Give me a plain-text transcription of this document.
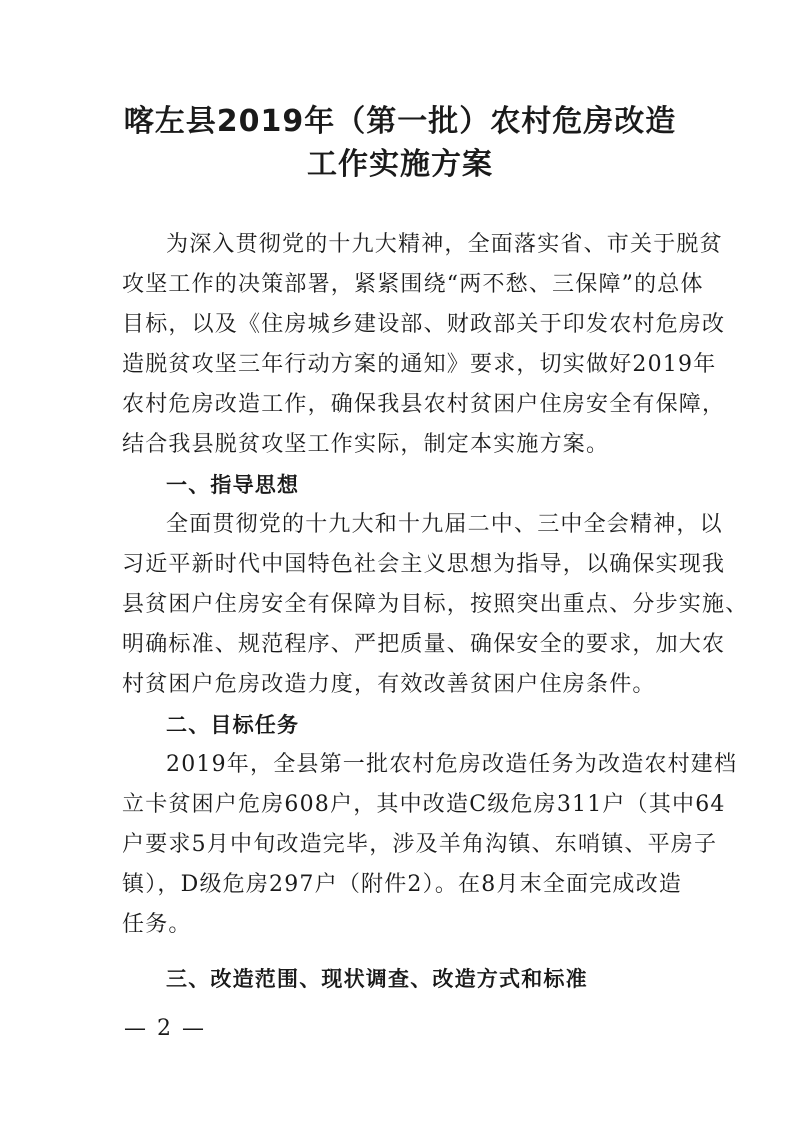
喀左县2019年（第一批）农村危房改造
工作实施方案
为深入贯彻党的十九大精神，全面落实省、市关于脱贫
攻坚工作的决策部署，紧紧围绕“两不愁、三保障”的总体
目标，以及《住房城乡建设部、财政部关于印发农村危房改
造脱贫攻坚三年行动方案的通知》要求，切实做好2019年
农村危房改造工作，确保我县农村贫困户住房安全有保障，
结合我县脱贫攻坚工作实际，制定本实施方案。
一、指导思想
全面贯彻党的十九大和十九届二中、三中全会精神，以
习近平新时代中国特色社会主义思想为指导，以确保实现我
县贫困户住房安全有保障为目标，按照突出重点、分步实施、
明确标准、规范程序、严把质量、确保安全的要求，加大农
村贫困户危房改造力度，有效改善贫困户住房条件。
二、目标任务
2019年，全县第一批农村危房改造任务为改造农村建档
立卡贫困户危房608户，其中改造C级危房311户（其中64
户要求5月中旬改造完毕，涉及羊角沟镇、东哨镇、平房子
镇），D级危房297户（附件2）。在8月末全面完成改造
任务。
三、改造范围、现状调查、改造方式和标准
— 2 —
